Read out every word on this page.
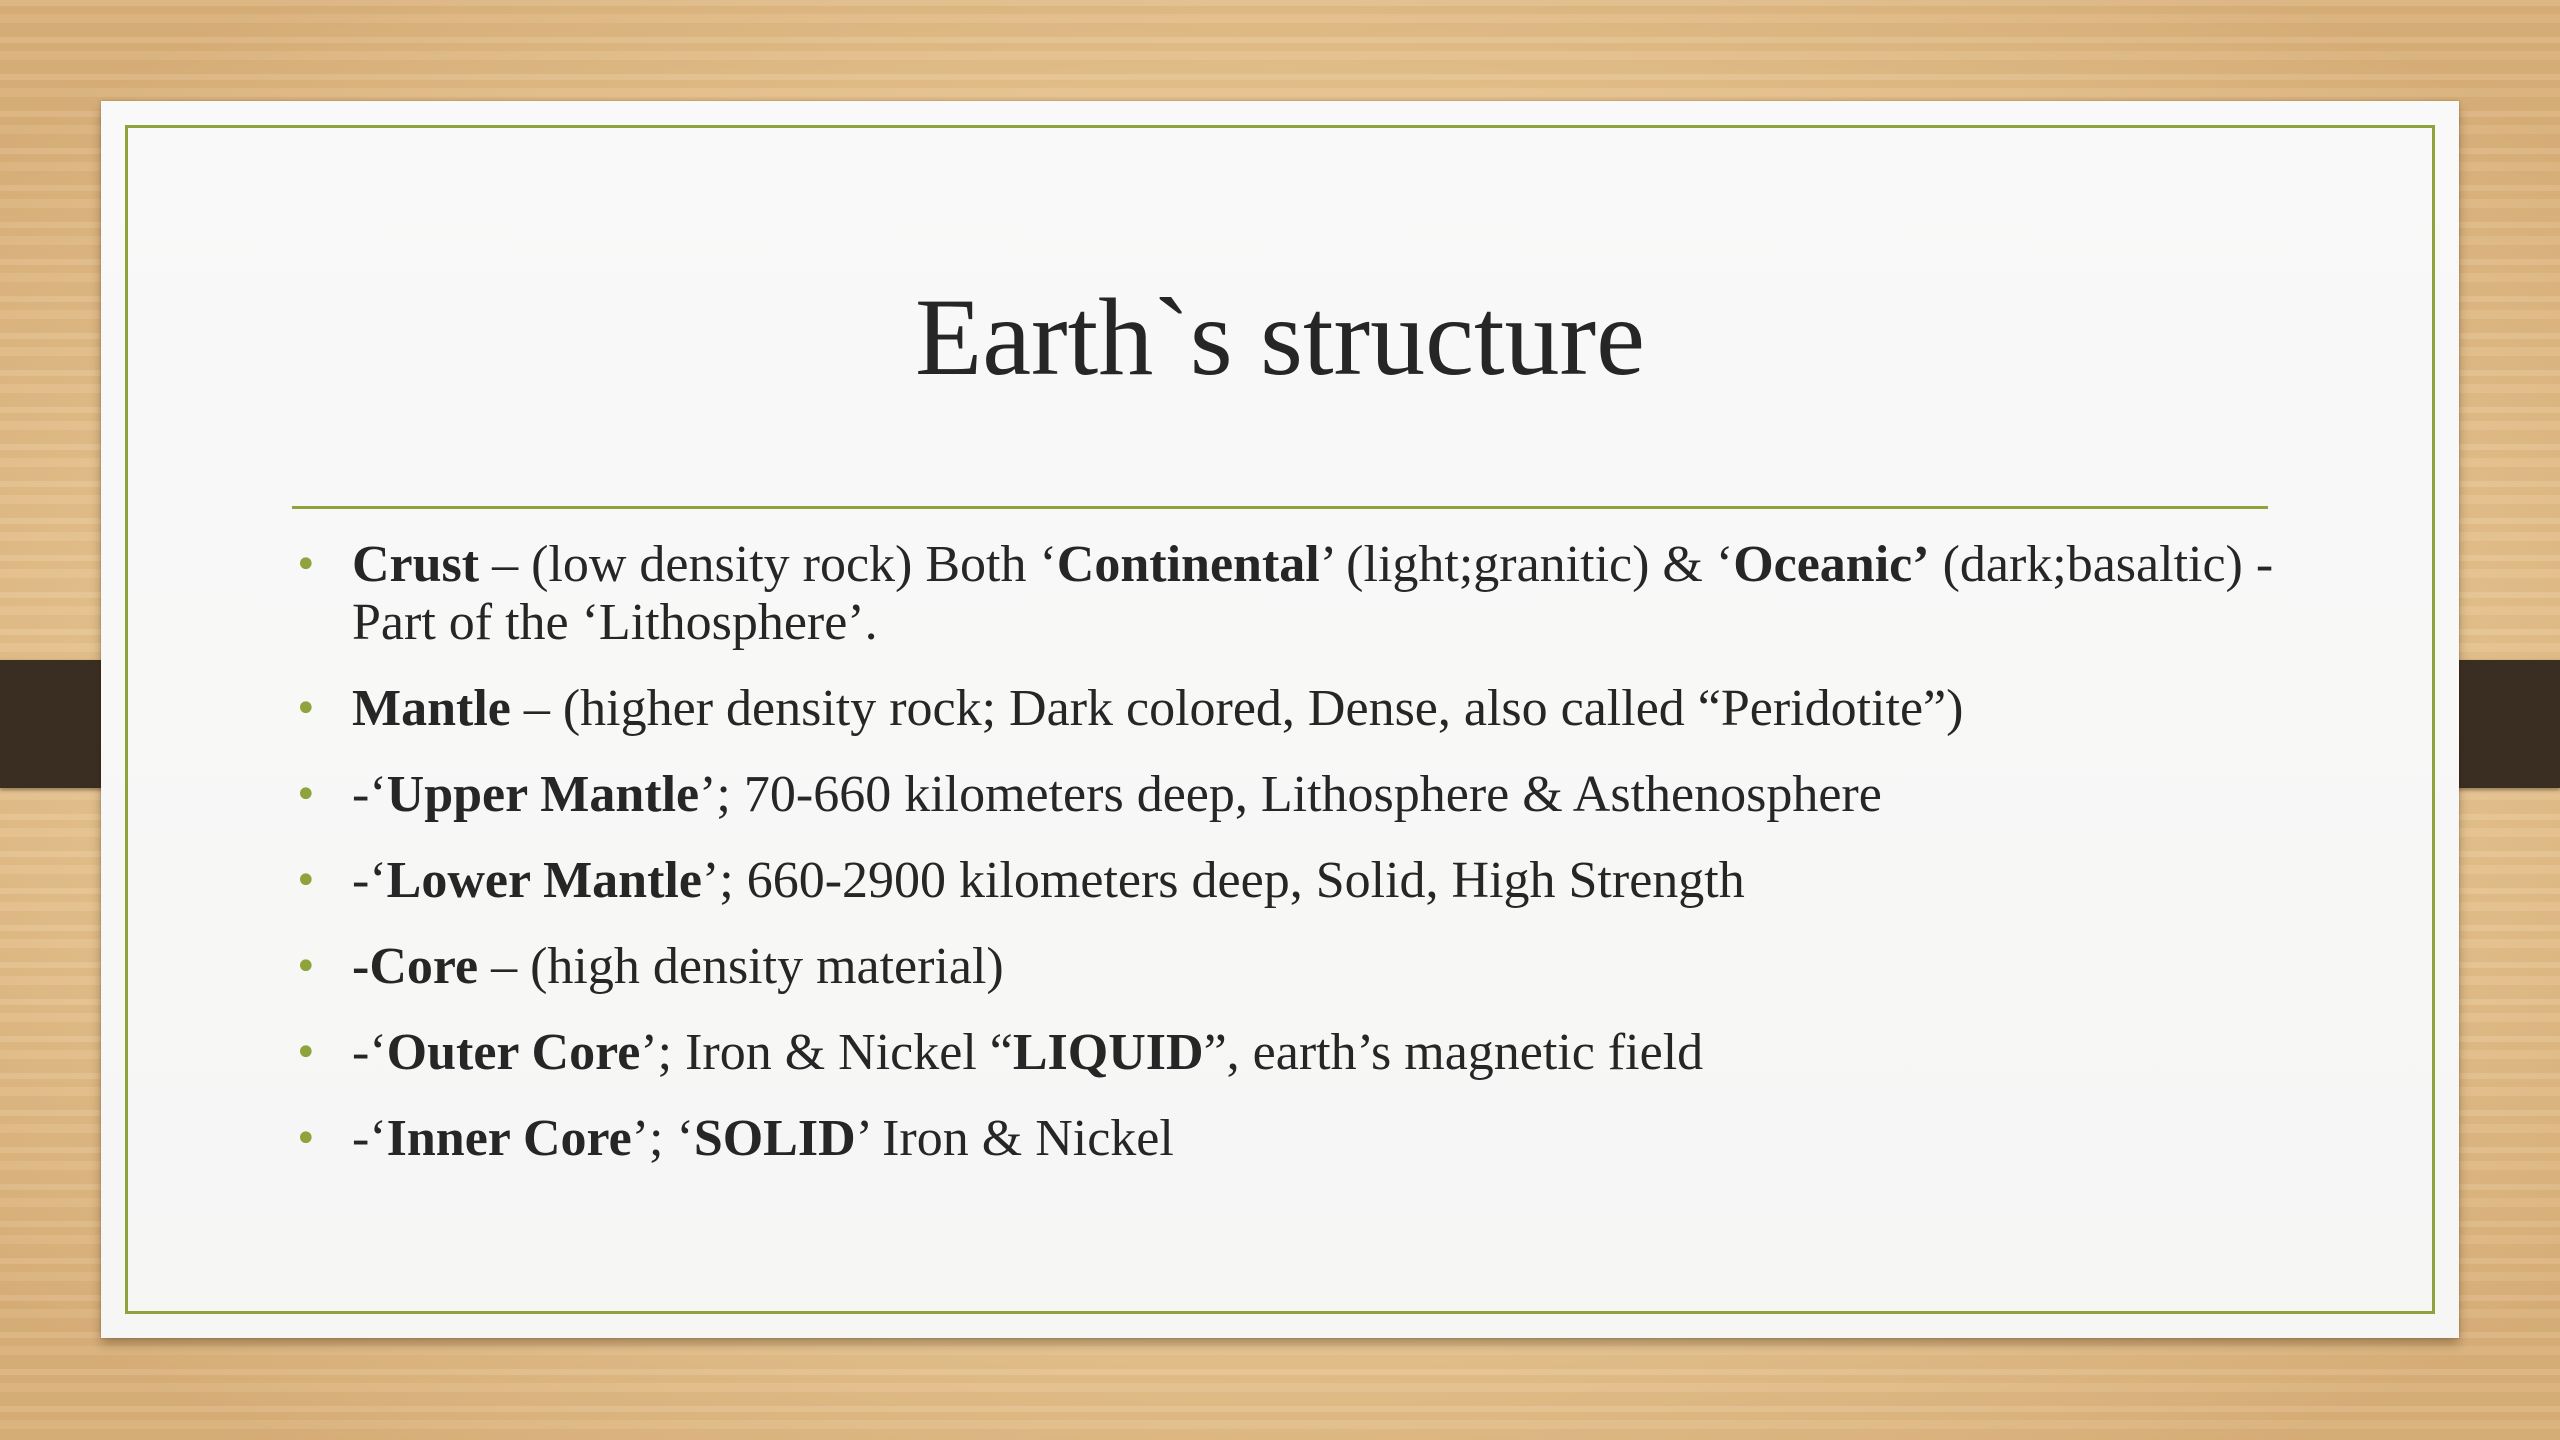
Earth`s structure
• Crust – (low density rock) Both ‘Continental’ (light;granitic) & ‘Oceanic’ (dark;basaltic) -Part of the ‘Lithosphere’.
• Mantle – (higher density rock; Dark colored, Dense, also called “Peridotite”)
• -‘Upper Mantle’; 70-660 kilometers deep, Lithosphere & Asthenosphere
• -‘Lower Mantle’; 660-2900 kilometers deep, Solid, High Strength
• -Core – (high density material)
• -‘Outer Core’; Iron & Nickel “LIQUID”, earth’s magnetic field
• -‘Inner Core’; ‘SOLID’ Iron & Nickel
